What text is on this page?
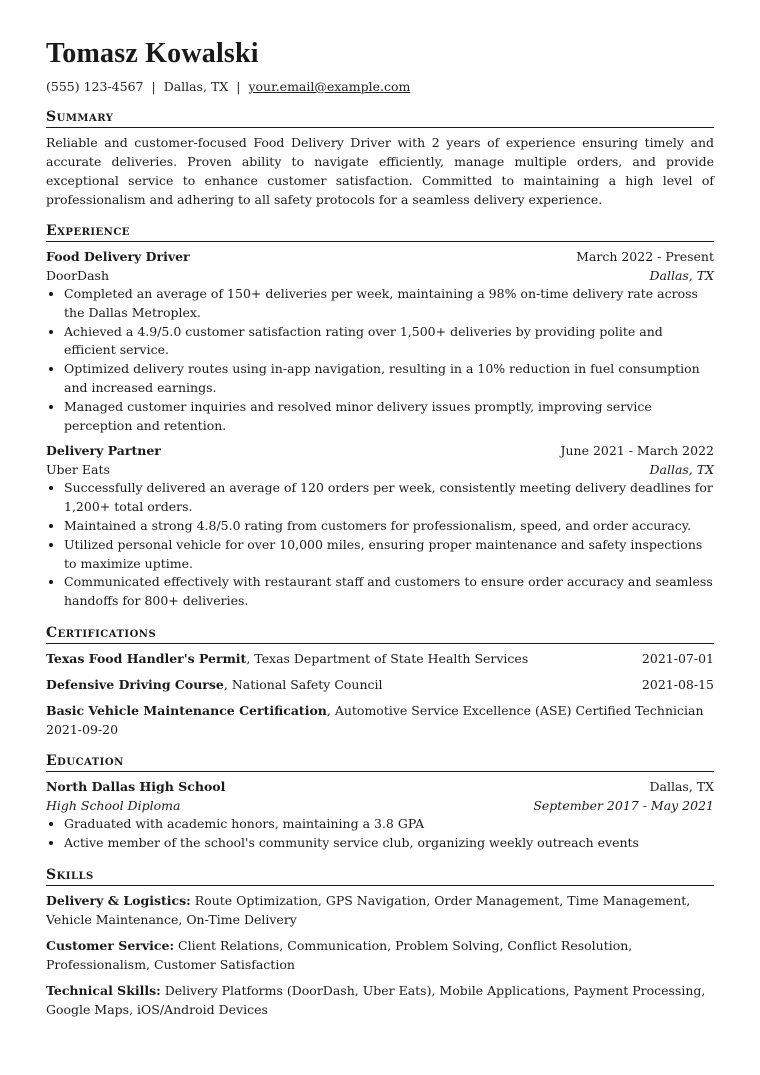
Tomasz Kowalski
(555) 123-4567 | Dallas, TX | your.email@example.com
Summary

Reliable and customer-focused Food Delivery Driver with 2 years of experience ensuring timely and accurate deliveries. Proven ability to navigate efficiently, manage multiple orders, and provide exceptional service to enhance customer satisfaction. Committed to maintaining a high level of professionalism and adhering to all safety protocols for a seamless delivery experience.

Experience
Food Delivery Driver	March 2022 - Present
DoorDash	Dallas, TX
• Completed an average of 150+ deliveries per week, maintaining a 98% on-time delivery rate across the Dallas Metroplex.
• Achieved a 4.9/5.0 customer satisfaction rating over 1,500+ deliveries by providing polite and efficient service.
• Optimized delivery routes using in-app navigation, resulting in a 10% reduction in fuel consumption and increased earnings.
• Managed customer inquiries and resolved minor delivery issues promptly, improving service perception and retention.
Delivery Partner	June 2021 - March 2022
Uber Eats	Dallas, TX
• Successfully delivered an average of 120 orders per week, consistently meeting delivery deadlines for 1,200+ total orders.
• Maintained a strong 4.8/5.0 rating from customers for professionalism, speed, and order accuracy.
• Utilized personal vehicle for over 10,000 miles, ensuring proper maintenance and safety inspections to maximize uptime.
• Communicated effectively with restaurant staff and customers to ensure order accuracy and seamless handoffs for 800+ deliveries.
Certifications
Texas Food Handler's Permit, Texas Department of State Health Services	2021-07-01
Defensive Driving Course, National Safety Council	2021-08-15
Basic Vehicle Maintenance Certification, Automotive Service Excellence (ASE) Certified Technician
2021-09-20
Education
North Dallas High School	Dallas, TX
High School Diploma	September 2017 - May 2021
• Graduated with academic honors, maintaining a 3.8 GPA
• Active member of the school's community service club, organizing weekly outreach events
Skills
Delivery & Logistics: Route Optimization, GPS Navigation, Order Management, Time Management, Vehicle Maintenance, On-Time Delivery
Customer Service: Client Relations, Communication, Problem Solving, Conflict Resolution, Professionalism, Customer Satisfaction
Technical Skills: Delivery Platforms (DoorDash, Uber Eats), Mobile Applications, Payment Processing, Google Maps, iOS/Android Devices
